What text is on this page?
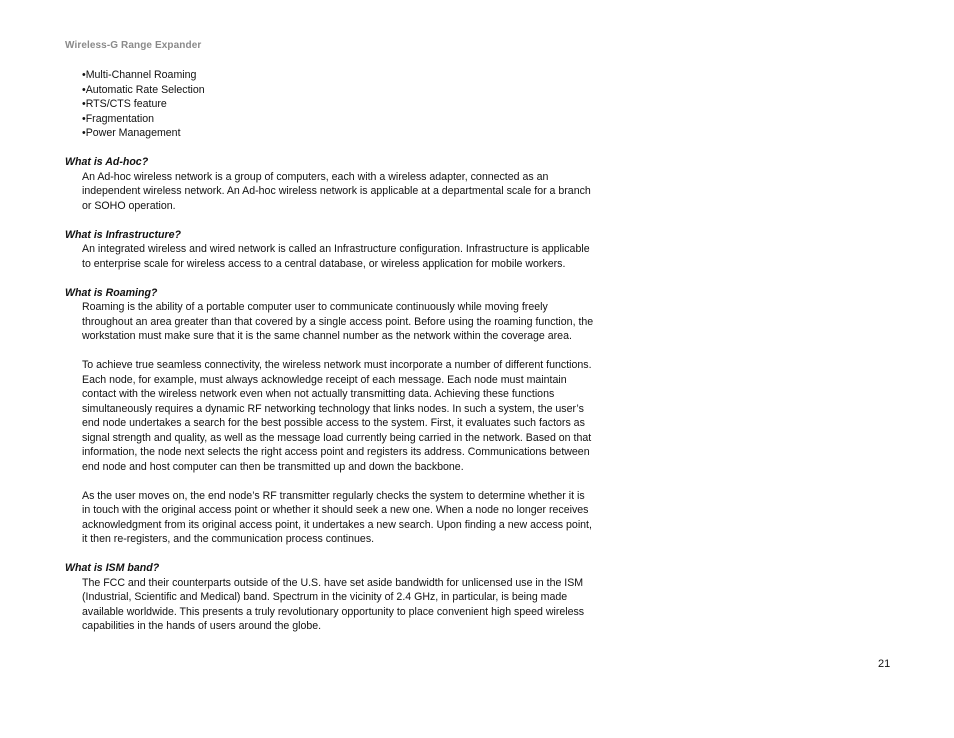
Wireless-G Range Expander
•Multi-Channel Roaming
•Automatic Rate Selection
•RTS/CTS feature
•Fragmentation
•Power Management

What is Ad-hoc?

An Ad-hoc wireless network is a group of computers, each with a wireless adapter, connected as an independent wireless network. An Ad-hoc wireless network is applicable at a departmental scale for a branch or SOHO operation.

What is Infrastructure?

An integrated wireless and wired network is called an Infrastructure configuration. Infrastructure is applicable to enterprise scale for wireless access to a central database, or wireless application for mobile workers.

What is Roaming?

Roaming is the ability of a portable computer user to communicate continuously while moving freely throughout an area greater than that covered by a single access point. Before using the roaming function, the workstation must make sure that it is the same channel number as the network within the coverage area.

To achieve true seamless connectivity, the wireless network must incorporate a number of different functions. Each node, for example, must always acknowledge receipt of each message. Each node must maintain contact with the wireless network even when not actually transmitting data. Achieving these functions simultaneously requires a dynamic RF networking technology that links nodes. In such a system, the user’s end node undertakes a search for the best possible access to the system. First, it evaluates such factors as signal strength and quality, as well as the message load currently being carried in the network. Based on that information, the node next selects the right access point and registers its address. Communications between end node and host computer can then be transmitted up and down the backbone.

As the user moves on, the end node’s RF transmitter regularly checks the system to determine whether it is in touch with the original access point or whether it should seek a new one. When a node no longer receives acknowledgment from its original access point, it undertakes a new search. Upon finding a new access point, it then re-registers, and the communication process continues.

What is ISM band?

The FCC and their counterparts outside of the U.S. have set aside bandwidth for unlicensed use in the ISM (Industrial, Scientific and Medical) band. Spectrum in the vicinity of 2.4 GHz, in particular, is being made available worldwide. This presents a truly revolutionary opportunity to place convenient high speed wireless capabilities in the hands of users around the globe.

21
